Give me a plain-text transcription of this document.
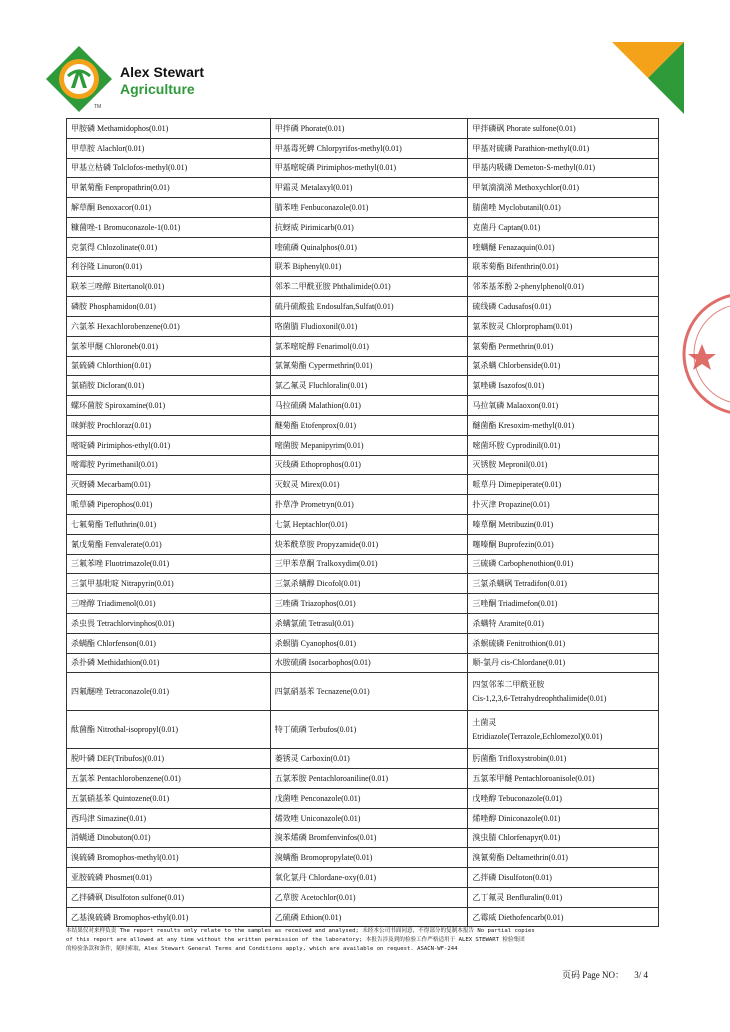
Alex Stewart
Agriculture
TM
甲胺磷 Methamidophos(0.01)	甲拌磷 Phorate(0.01)	甲拌磷砜 Phorate sulfone(0.01)
甲草胺 Alachlor(0.01)	甲基毒死蜱 Chlorpyrifos-methyl(0.01)	甲基对硫磷 Parathion-methyl(0.01)
甲基立枯磷 Tolclofos-methyl(0.01)	甲基嘧啶磷 Pirimiphos-methyl(0.01)	甲基内吸磷 Demeton-S-methyl(0.01)
甲氰菊酯 Fenpropathrin(0.01)	甲霜灵 Metalaxyl(0.01)	甲氧滴滴涕 Methoxychlor(0.01)
解草酮 Benoxacor(0.01)	腈苯唑 Fenbuconazole(0.01)	腈菌唑 Myclobutanil(0.01)
糠菌唑-1 Bromuconazole-1(0.01)	抗蚜威 Pirimicarb(0.01)	克菌丹 Captan(0.01)
克氯得 Chlozolinate(0.01)	喹硫磷 Quinalphos(0.01)	喹螨醚 Fenazaquin(0.01)
利谷隆 Linuron(0.01)	联苯 Biphenyl(0.01)	联苯菊酯 Bifenthrin(0.01)
联苯三唑醇 Bitertanol(0.01)	邻苯二甲酰亚胺 Phthalimide(0.01)	邻苯基苯酚 2-phenylphenol(0.01)
磷胺 Phosphamidon(0.01)	硫丹硫酸盐 Endosulfan,Sulfat(0.01)	硫线磷 Cadusafos(0.01)
六氯苯 Hexachlorobenzene(0.01)	咯菌腈 Fludioxonil(0.01)	氯苯胺灵 Chlorpropham(0.01)
氯苯甲醚 Chloroneb(0.01)	氯苯嘧啶醇 Fenarimol(0.01)	氯菊酯 Permethrin(0.01)
氯硫磷 Chlorthion(0.01)	氯氰菊酯 Cypermethrin(0.01)	氯杀螨 Chlorbenside(0.01)
氯硝胺 Dicloran(0.01)	氯乙氟灵 Fluchloralin(0.01)	氯唑磷 Isazofos(0.01)
螺环菌胺 Spiroxamine(0.01)	马拉硫磷 Malathion(0.01)	马拉氧磷 Malaoxon(0.01)
咪鲜胺 Prochloraz(0.01)	醚菊酯 Etofenprox(0.01)	醚菌酯 Kresoxim-methyl(0.01)
嘧啶磷 Pirimiphos-ethyl(0.01)	嘧菌胺 Mepanipyrim(0.01)	嘧菌环胺 Cyprodinil(0.01)
嘧霉胺 Pyrimethanil(0.01)	灭线磷 Ethoprophos(0.01)	灭锈胺 Mepronil(0.01)
灭蚜磷 Mecarbam(0.01)	灭蚁灵 Mirex(0.01)	哌草丹 Dimepiperate(0.01)
哌草磷 Piperophos(0.01)	扑草净 Prometryn(0.01)	扑灭津 Propazine(0.01)
七氟菊酯 Tefluthrin(0.01)	七氯 Heptachlor(0.01)	嗪草酮 Metribuzin(0.01)
氰戊菊酯 Fenvalerate(0.01)	炔苯酰草胺 Propyzamide(0.01)	噻嗪酮 Buprofezin(0.01)
三氟苯唑 Fluotrimazole(0.01)	三甲苯草酮 Tralkoxydim(0.01)	三硫磷 Carbophenothion(0.01)
三氯甲基吡啶 Nitrapyrin(0.01)	三氯杀螨醇 Dicofol(0.01)	三氯杀螨砜 Tetradifon(0.01)
三唑醇 Triadimenol(0.01)	三唑磷 Triazophos(0.01)	三唑酮 Triadimefon(0.01)
杀虫畏 Tetrachlorvinphos(0.01)	杀螨氯硫 Tetrasul(0.01)	杀螨特 Aramite(0.01)
杀螨酯 Chlorfenson(0.01)	杀螟腈 Cyanophos(0.01)	杀螟硫磷 Fenitrothion(0.01)
杀扑磷 Methidathion(0.01)	水胺硫磷 Isocarbophos(0.01)	顺-氯丹 cis-Chlordane(0.01)
四氟醚唑 Tetraconazole(0.01)	四氯硝基苯 Tecnazene(0.01)	四氢邻苯二甲酰亚胺
Cis-1,2,3,6-Tetrahydreophthalimide(0.01)

酞菌酯 Nitrothal-isopropyl(0.01)	特丁硫磷 Terbufos(0.01)	土菌灵
Etridiazole(Terrazole,Echlomezol)(0.01)

脱叶磷 DEF(Tribufos)(0.01)	萎锈灵 Carboxin(0.01)	肟菌酯 Trifloxystrobin(0.01)
五氯苯 Pentachlorobenzene(0.01)	五氯苯胺 Pentachloroaniline(0.01)	五氯苯甲醚 Pentachloroanisole(0.01)
五氯硝基苯 Quintozene(0.01)	戊菌唑 Penconazole(0.01)	戊唑醇 Tebuconazole(0.01)
西玛津 Simazine(0.01)	烯效唑 Uniconazole(0.01)	烯唑醇 Diniconazole(0.01)
消螨通 Dinobuton(0.01)	溴苯烯磷 Bromfenvinfos(0.01)	溴虫腈 Chlorfenapyr(0.01)
溴硫磷 Bromophos-methyl(0.01)	溴螨酯 Bromopropylate(0.01)	溴氰菊酯 Deltamethrin(0.01)
亚胺硫磷 Phosmet(0.01)	氧化氯丹 Chlordane-oxy(0.01)	乙拌磷 Disulfoton(0.01)
乙拌磷砜 Disulfoton sulfone(0.01)	乙草胺 Acetochlor(0.01)	乙丁氟灵 Benfluralin(0.01)
乙基溴硫磷 Bromophos-ethyl(0.01)	乙硫磷 Ethion(0.01)	乙霉威 Diethofencarb(0.01)
本结果仅对来样负责 The report results only relate to the samples as received and analysed; 未经本公司书面同意，不得部分的复制本报告 No partial copies
of this report are allowed at any time without the written permission of the laboratory; 本报告涉及到的检验工作严格适用于 ALEX STEWART 检验集团
的检验条款和条件，随时索取，Alex Stewart General Terms and Conditions apply, which are available on request. ASACN-WF-244
页码 Page NO： 3/ 4
